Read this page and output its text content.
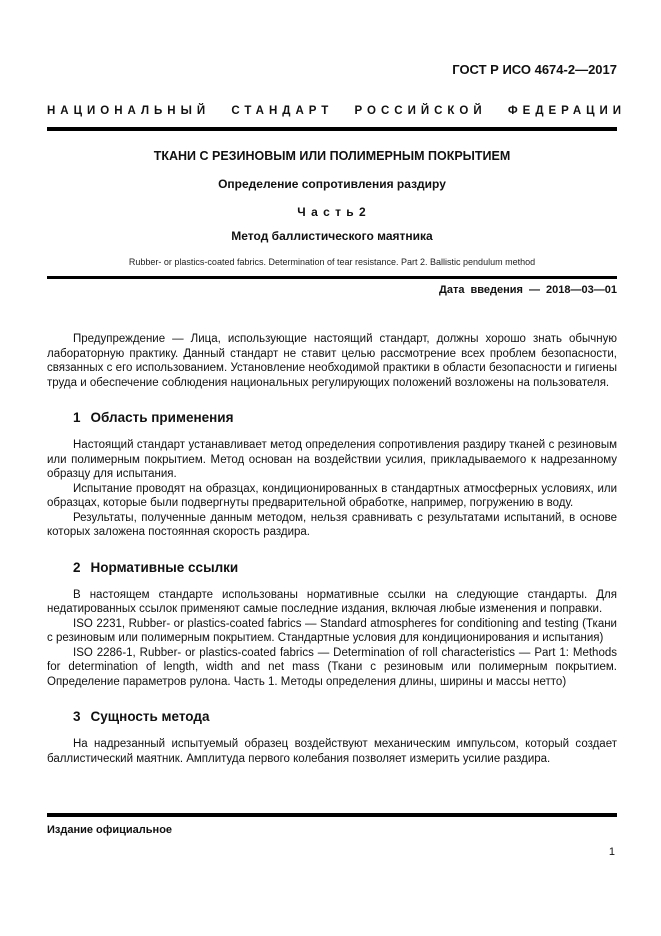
ГОСТ Р ИСО 4674-2—2017
НАЦИОНАЛЬНЫЙ СТАНДАРТ РОССИЙСКОЙ ФЕДЕРАЦИИ
ТКАНИ С РЕЗИНОВЫМ ИЛИ ПОЛИМЕРНЫМ ПОКРЫТИЕМ
Определение сопротивления раздиру
Ч а с т ь 2
Метод баллистического маятника
Rubber- or plastics-coated fabrics. Determination of tear resistance. Part 2. Ballistic pendulum method
Дата введения — 2018—03—01

Предупреждение — Лица, использующие настоящий стандарт, должны хорошо знать обычную лабораторную практику. Данный стандарт не ставит целью рассмотрение всех проблем безопасности, связанных с его использованием. Установление необходимой практики в области безопасности и гигиены труда и обеспечение соблюдения национальных регулирующих положений возложены на пользователя.

1 Область применения

Настоящий стандарт устанавливает метод определения сопротивления раздиру тканей с резиновым или полимерным покрытием. Метод основан на воздействии усилия, прикладываемого к надрезанному образцу для испытания.

Испытание проводят на образцах, кондиционированных в стандартных атмосферных условиях, или образцах, которые были подвергнуты предварительной обработке, например, погружению в воду.

Результаты, полученные данным методом, нельзя сравнивать с результатами испытаний, в основе которых заложена постоянная скорость раздира.

2 Нормативные ссылки

В настоящем стандарте использованы нормативные ссылки на следующие стандарты. Для недатированных ссылок применяют самые последние издания, включая любые изменения и поправки.

ISO 2231, Rubber- or plastics-coated fabrics — Standard atmospheres for conditioning and testing (Ткани с резиновым или полимерным покрытием. Стандартные условия для кондиционирования и испытания)

ISO 2286-1, Rubber- or plastics-coated fabrics — Determination of roll characteristics — Part 1: Methods for determination of length, width and net mass (Ткани с резиновым или полимерным покрытием. Определение параметров рулона. Часть 1. Методы определения длины, ширины и массы нетто)

3 Сущность метода

На надрезанный испытуемый образец воздействуют механическим импульсом, который создает баллистический маятник. Амплитуда первого колебания позволяет измерить усилие раздира.

Издание официальное
1
